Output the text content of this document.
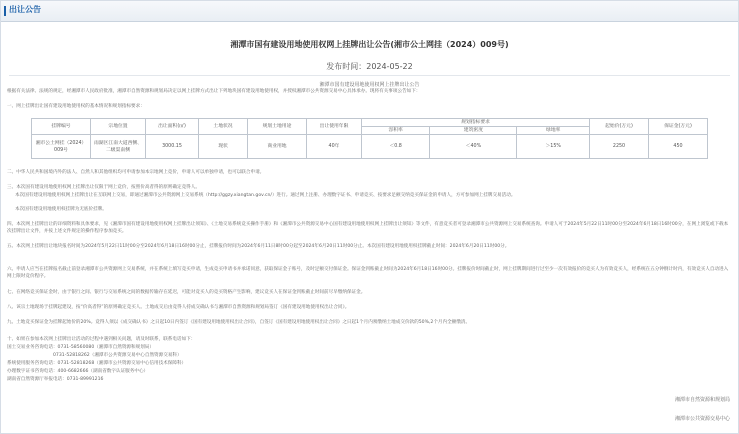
出让公告
湘潭市国有建设用地使用权网上挂牌出让公告(湘市公土网挂（2024）009号)
发布时间：2024-05-22
湘潭市国有建设用地使用权网上挂牌出让公告
根据有关法律、法规的规定，经湘潭市人民政府批准，湘潭市自然资源和规划局决定以网上挂牌方式出让下列地块国有建设用地使用权，并授权湘潭市公共资源交易中心具体承办。现将有关事项公告如下：
一、网上挂牌出让国有建设用地使用权的基本情况和规划指标要求：
挂牌编号	宗地位置	出让面积(㎡)	土地状况	规划土地用途	出让使用年限	规划指标要求			起始价(万元)	保证金(万元)
						容积率	建筑密度	绿地率		
湘市公土网挂（2024）009号	雨湖区江南大道西侧、二级渠南侧	3000.15	现状	商业用地	40年	＜0.8	＜40%	＞15%	2250	450
二、中华人民共和国境内外的法人、自然人和其他组织均可申请参加本宗地网上竞价，申请人可以单独申请，也可以联合申请。
三、本次国有建设用地使用权网上挂牌出让仅限于网上竞价，按照价高者得的原则确定竞得人。
本次国有建设用地使用权网上挂牌出让在互联网上交易，即通过湘潭市公共资源网上交易系统（http://ggzy.xiangtan.gov.cn/）进行。通过网上注册、办理数字证书、申请竞买、按要求足额交纳竞买保证金的申请人，方可参加网上挂牌交易活动。
本次国有建设用地使用权挂牌为无底价挂牌。
四、本次网上挂牌出让的详细资料和具体要求，见《湘潭市国有建设用地使用权网上挂牌出让须知》、《土地交易系统竞买操作手册》和《湘潭市公共资源交易中心国有建设用地使用权网上挂牌出让须知》等文件，有意竞买者可登录湘潭市公共资源网上交易系统查询。申请人可于2024年5月22日11时00分至2024年6月18日16时00分，在网上浏览或下载本次挂牌出让文件，并按上述文件规定的操作程序参加竞买。
五、本次网上挂牌出让地块报名时间为2024年5月22日11时00分至2024年6月18日16时00分止，挂牌报价时间为2024年6月11日8时00分起至2024年6月20日11时00分止。本次国有建设用地使用权挂牌截止时间：2024年6月20日11时00分。
六、申请人应当在挂牌报名截止前登录湘潭市公共资源网上交易系统，并在系统上填写竞买申请，生成竞买申请书并承诺同意，获取保证金子账号，及时足额交付保证金。保证金到账截止时间为2024年6月18日16时00分。挂牌报价时间截止时，网上挂牌期间进行过至少一次有效报价的竞买人为有效竞买人，经系统在五分钟倒计时内，有效竞买人自动进入网上限时竞价程序。
七、在网络竞买保证金时，由于银行之间、银行与交易系统之间的数据传输存在延迟，可能对竞买人的竞买资格产生影响，建议竞买人在保证金到账截止时间前尽早缴纳保证金。
八、该宗土地现场于挂牌起建设，按“价高者得”的原则确定竞买人。土地成交后由竞得人持成交确认书与湘潭市自然资源和规划局签订《国有建设用地使用权出让合同》。
九、土地竞买保证金为挂牌起始价的20%。竞得人须以《成交确认书》之日起10日内签订《国有建设用地使用权出让合同》，自签订《国有建设用地使用权出让合同》之日起1个月内须缴纳土地成交价款的50%,2个月内全额缴清。
十、如果在参加本次网上挂牌出让活动的过程中遇到相关问题，请及时联系，联系电话如下：
国土交易业务咨询电话：0731-58560080（湘潭市自然资源和规划局）
0731-52818262（湘潭市公共资源交易中心自然资源交易科）
系统使用服务咨询电话：0731-52818268（湘潭市公共资源交易中心信用技术保障科）
办理数字证书咨询电话：400-6682666（湖南省数字认证服务中心）
湖南省自然资源厅举报电话：0731-89991216
湘潭市自然资源和规划局
湘潭市公共资源交易中心
